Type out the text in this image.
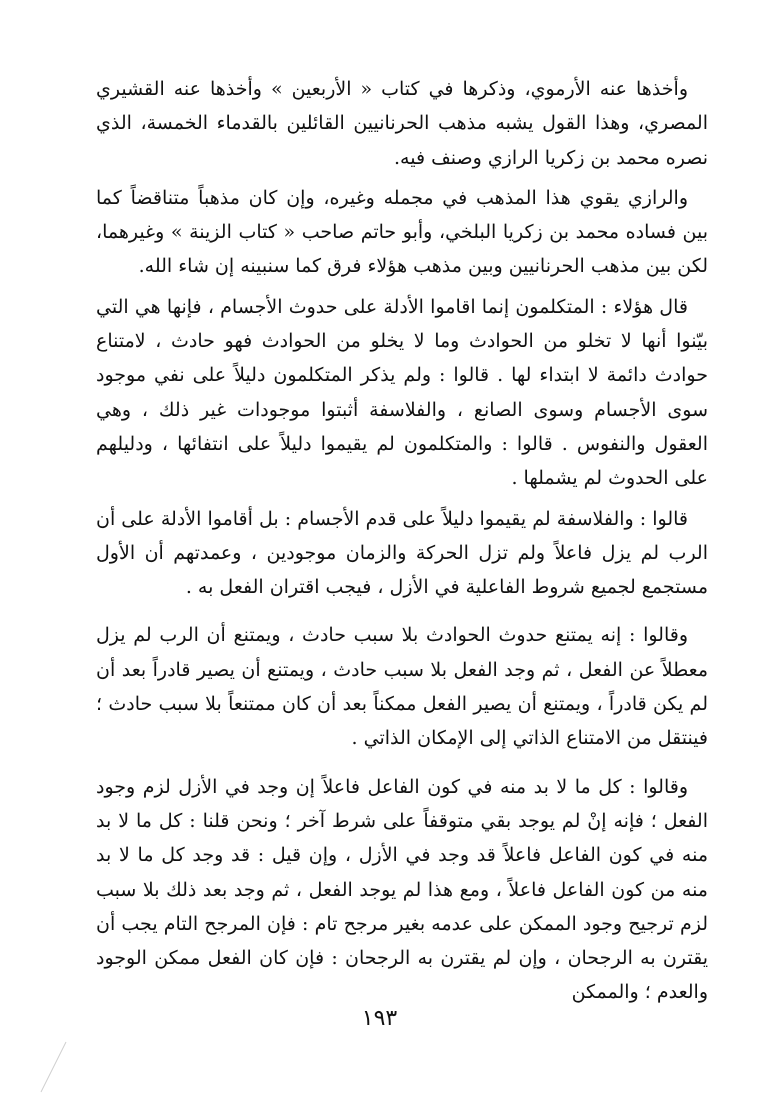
وأخذها عنه الأرموي، وذكرها في كتاب « الأربعين » وأخذها عنه القشيري المصري، وهذا القول يشبه مذهب الحرنانيين القائلين بالقدماء الخمسة، الذي نصره محمد بن زكريا الرازي وصنف فيه.

والرازي يقوي هذا المذهب في مجمله وغيره، وإن كان مذهباً متناقضاً كما بين فساده محمد بن زكريا البلخي، وأبو حاتم صاحب « كتاب الزينة » وغيرهما، لكن بين مذهب الحرنانيين وبين مذهب هؤلاء فرق كما سنبينه إن شاء الله.

قال هؤلاء : المتكلمون إنما اقاموا الأدلة على حدوث الأجسام ، فإنها هي التي بيّنوا أنها لا تخلو من الحوادث وما لا يخلو من الحوادث فهو حادث ، لامتناع حوادث دائمة لا ابتداء لها . قالوا : ولم يذكر المتكلمون دليلاً على نفي موجود سوى الأجسام وسوى الصانع ، والفلاسفة أثبتوا موجودات غير ذلك ، وهي العقول والنفوس . قالوا : والمتكلمون لم يقيموا دليلاً على انتفائها ، ودليلهم على الحدوث لم يشملها .

قالوا : والفلاسفة لم يقيموا دليلاً على قدم الأجسام : بل أقاموا الأدلة على أن الرب لم يزل فاعلاً ولم تزل الحركة والزمان موجودين ، وعمدتهم أن الأول مستجمع لجميع شروط الفاعلية في الأزل ، فيجب اقتران الفعل به .

وقالوا : إنه يمتنع حدوث الحوادث بلا سبب حادث ، ويمتنع أن الرب لم يزل معطلاً عن الفعل ، ثم وجد الفعل بلا سبب حادث ، ويمتنع أن يصير قادراً بعد أن لم يكن قادراً ، ويمتنع أن يصير الفعل ممكناً بعد أن كان ممتنعاً بلا سبب حادث ؛ فينتقل من الامتناع الذاتي إلى الإمكان الذاتي .

وقالوا : كل ما لا بد منه في كون الفاعل فاعلاً إن وجد في الأزل لزم وجود الفعل ؛ فإنه إنْ لم يوجد بقي متوقفاً على شرط آخر ؛ ونحن قلنا : كل ما لا بد منه في كون الفاعل فاعلاً قد وجد في الأزل ، وإن قيل : قد وجد كل ما لا بد منه من كون الفاعل فاعلاً ، ومع هذا لم يوجد الفعل ، ثم وجد بعد ذلك بلا سبب لزم ترجيح وجود الممكن على عدمه بغير مرجح تام : فإن المرجح التام يجب أن يقترن به الرجحان ، وإن لم يقترن به الرجحان : فإن كان الفعل ممكن الوجود والعدم ؛ والممكن

١٩٣
